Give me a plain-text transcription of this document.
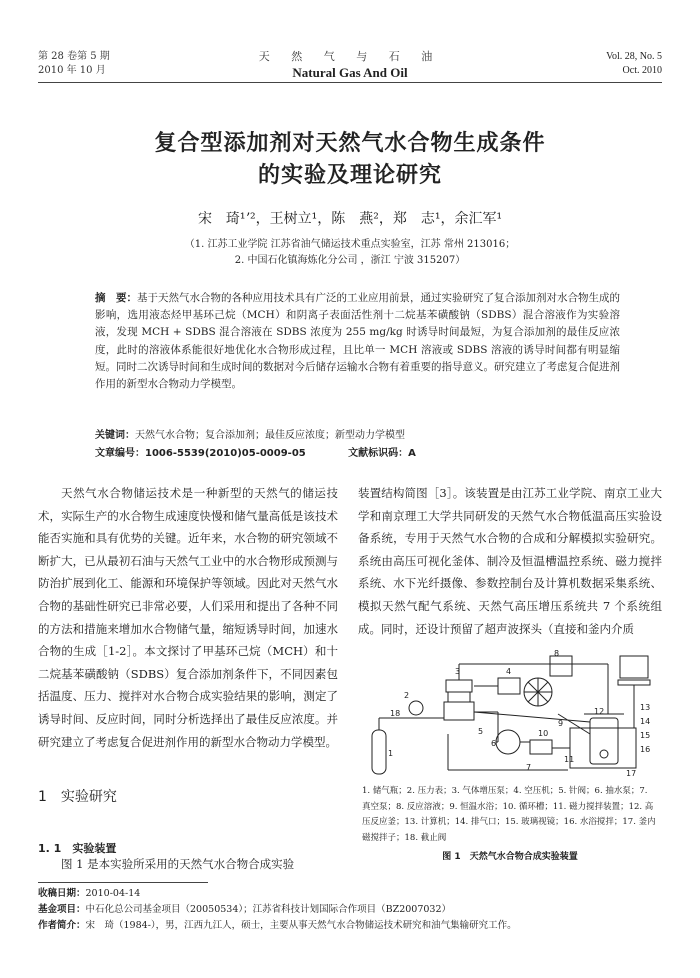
第 28 卷第 5 期
2010 年 10 月
天 然 气 与 石 油
Natural Gas And Oil
Vol. 28, No. 5
Oct. 2010
复合型添加剂对天然气水合物生成条件
的实验及理论研究
宋　琦¹ʼ²，王树立¹，陈　燕²，郑　志¹，余汇军¹
（1. 江苏工业学院 江苏省油气储运技术重点实验室，江苏 常州 213016；
2. 中国石化镇海炼化分公司 ，浙江 宁波 315207）
摘　要：基于天然气水合物的各种应用技术具有广泛的工业应用前景，通过实验研究了复合添加剂对水合物生成的影响，选用液态烃甲基环己烷（MCH）和阴离子表面活性剂十二烷基苯磺酸钠（SDBS）混合溶液作为实验溶液，发现 MCH + SDBS 混合溶液在 SDBS 浓度为 255 mg/kg 时诱导时间最短，为复合添加剂的最佳反应浓度，此时的溶液体系能很好地优化水合物形成过程，且比单一 MCH 溶液或 SDBS 溶液的诱导时间都有明显缩短。同时二次诱导时间和生成时间的数据对今后储存运输水合物有着重要的指导意义。研究建立了考虑复合促进剂作用的新型水合物动力学模型。
关键词：天然气水合物；复合添加剂；最佳反应浓度；新型动力学模型
文章编号：1006-5539(2010)05-0009-05	文献标识码：A
天然气水合物储运技术是一种新型的天然气的储运技术，实际生产的水合物生成速度快慢和储气量高低是该技术能否实施和具有优势的关键。近年来，水合物的研究领域不断扩大，已从最初石油与天然气工业中的水合物形成预测与防治扩展到化工、能源和环境保护等领域。因此对天然气水合物的基础性研究已非常必要，人们采用和提出了各种不同的方法和措施来增加水合物储气量，缩短诱导时间，加速水合物的生成［1-2］。本文探讨了甲基环己烷（MCH）和十二烷基苯磺酸钠（SDBS）复合添加剂条件下，不同因素包括温度、压力、搅拌对水合物合成实验结果的影响，测定了诱导时间、反应时间，同时分析选择出了最佳反应浓度。并研究建立了考虑复合促进剂作用的新型水合物动力学模型。
1　实验研究
1. 1　实验装置
图 1 是本实验所采用的天然气水合物合成实验
装置结构简图［3］。该装置是由江苏工业学院、南京工业大学和南京理工大学共同研发的天然气水合物低温高压实验设备系统，专用于天然气水合物的合成和分解模拟实验研究。系统由高压可视化釜体、制冷及恒温槽温控系统、磁力搅拌系统、水下光纤摄像、参数控制台及计算机数据采集系统、模拟天然气配气系统、天然气高压增压系统共 7 个系统组成。同时，还设计预留了超声波探头（直接和釜内介质
1
2
3	4
5
6
7
8
9
10
11
12	13
14
15
16
17
18
1. 储气瓶；2. 压力表；3. 气体增压泵；4. 空压机；5. 针阀；6. 抽水泵；7. 真空泵；8. 反应溶液；9. 恒温水浴；10. 循环槽；11. 磁力搅拌装置；12. 高压反应釜；13. 计算机；14. 排气口；15. 玻璃视镜；16. 水浴搅拌；17. 釜内磁搅拌子；18. 截止阀
图 1　天然气水合物合成实验装置
收稿日期：2010-04-14
基金项目：中石化总公司基金项目（20050534）；江苏省科技计划国际合作项目（BZ2007032）
作者简介：宋　琦（1984-），男，江西九江人，硕士，主要从事天然气水合物储运技术研究和油气集输研究工作。
